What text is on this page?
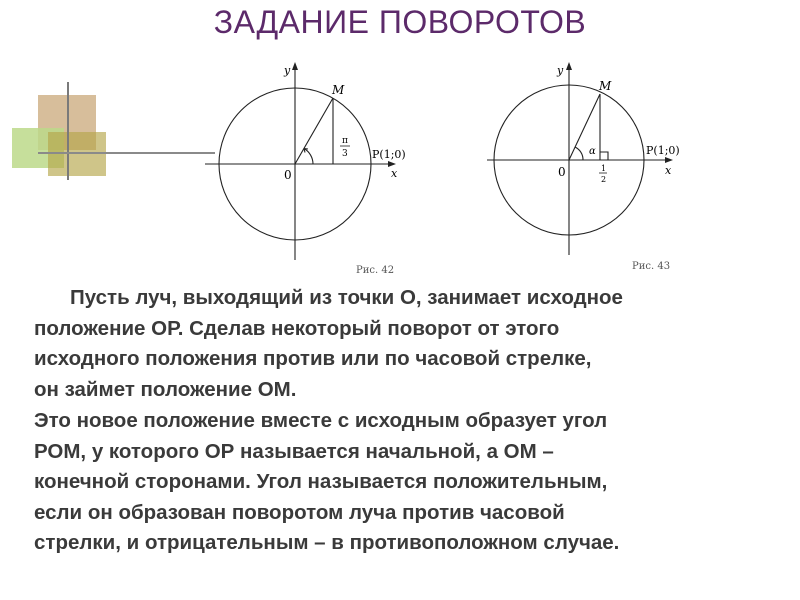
ЗАДАНИЕ ПОВОРОТОВ
y
x
0
M
P(1;0)
π
3
Рис. 42
y
x
0
M
P(1;0)
α
1
2
Рис. 43
Пусть луч, выходящий из точки О, занимает исходное
положение ОР. Сделав некоторый поворот от этого
исходного положения против или по часовой стрелке,
он займет положение ОМ.
Это новое положение вместе с исходным образует угол
РОМ, у которого ОР называется начальной, а ОМ –
конечной сторонами. Угол называется положительным,
если он образован поворотом луча против часовой
стрелки, и отрицательным – в противоположном случае.
